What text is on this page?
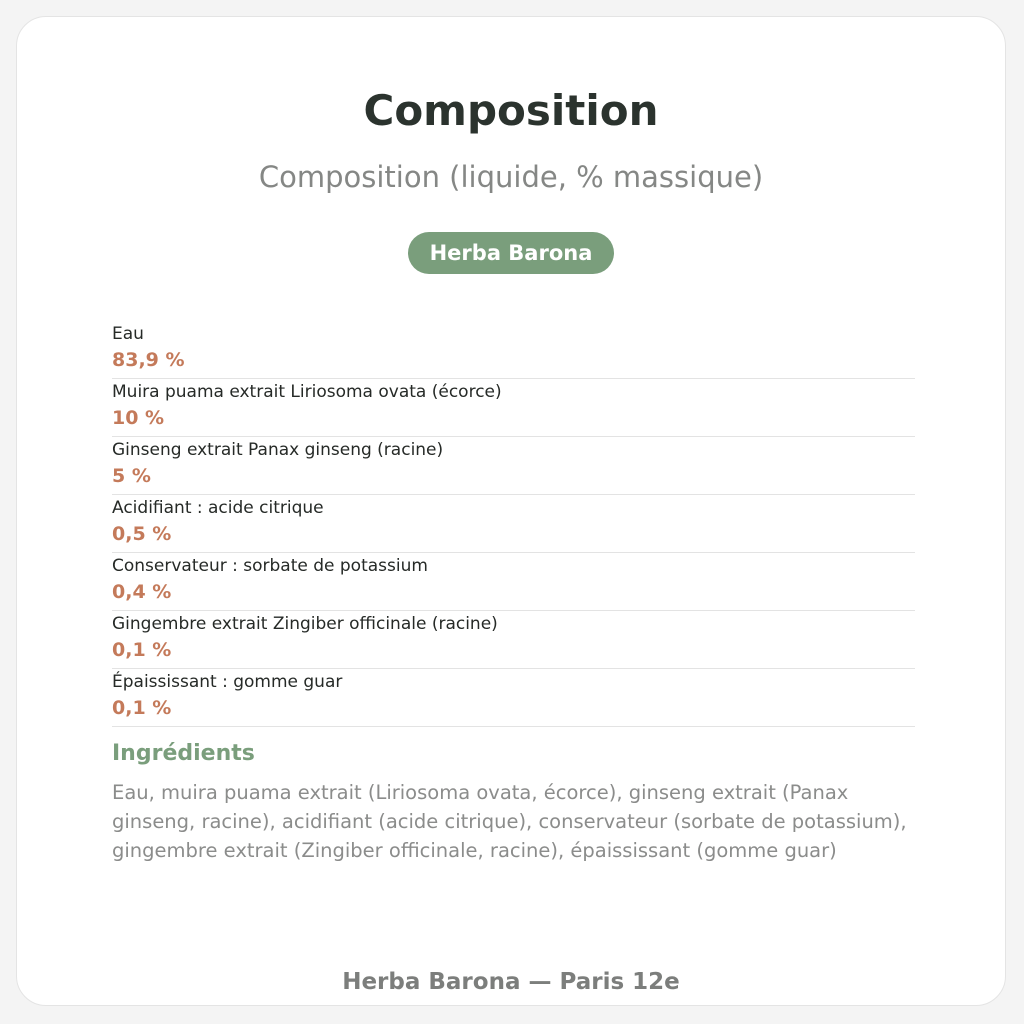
Composition
Composition (liquide, % massique)
Herba Barona
Eau
83,9 %
Muira puama extrait Liriosoma ovata (écorce)
10 %
Ginseng extrait Panax ginseng (racine)
5 %
Acidifiant : acide citrique
0,5 %
Conservateur : sorbate de potassium
0,4 %
Gingembre extrait Zingiber officinale (racine)
0,1 %
Épaississant : gomme guar
0,1 %
Ingrédients
Eau, muira puama extrait (Liriosoma ovata, écorce), ginseng extrait (Panax ginseng, racine), acidifiant (acide citrique), conservateur (sorbate de potassium), gingembre extrait (Zingiber officinale, racine), épaississant (gomme guar)
Herba Barona — Paris 12e
